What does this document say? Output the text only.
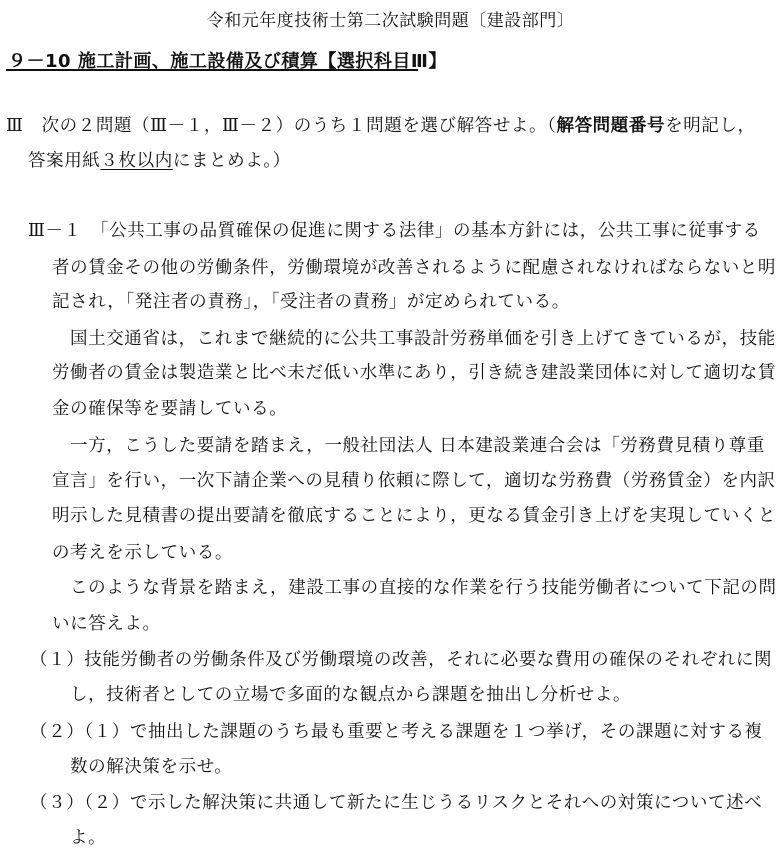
令和元年度技術士第二次試験問題〔建設部門〕
９－10 施工計画、施工設備及び積算【選択科目Ⅲ】
Ⅲ　次の２問題（Ⅲ－１，Ⅲ－２）のうち１問題を選び解答せよ。（解答問題番号を明記し，
答案用紙３枚以内にまとめよ。）
Ⅲ－１　「公共工事の品質確保の促進に関する法律」の基本方針には，公共工事に従事する
者の賃金その他の労働条件，労働環境が改善されるように配慮されなければならないと明
記され，「発注者の責務」，「受注者の責務」が定められている。
国土交通省は，これまで継続的に公共工事設計労務単価を引き上げてきているが，技能
労働者の賃金は製造業と比べ未だ低い水準にあり，引き続き建設業団体に対して適切な賃
金の確保等を要請している。
一方，こうした要請を踏まえ，一般社団法人 日本建設業連合会は「労務費見積り尊重
宣言」を行い，一次下請企業への見積り依頼に際して，適切な労務費（労務賃金）を内訳
明示した見積書の提出要請を徹底することにより，更なる賃金引き上げを実現していくと
の考えを示している。
このような背景を踏まえ，建設工事の直接的な作業を行う技能労働者について下記の問
いに答えよ。
（１）技能労働者の労働条件及び労働環境の改善，それに必要な費用の確保のそれぞれに関
し，技術者としての立場で多面的な観点から課題を抽出し分析せよ。
（２）（１）で抽出した課題のうち最も重要と考える課題を１つ挙げ，その課題に対する複
数の解決策を示せ。
（３）（２）で示した解決策に共通して新たに生じうるリスクとそれへの対策について述べ
よ。
